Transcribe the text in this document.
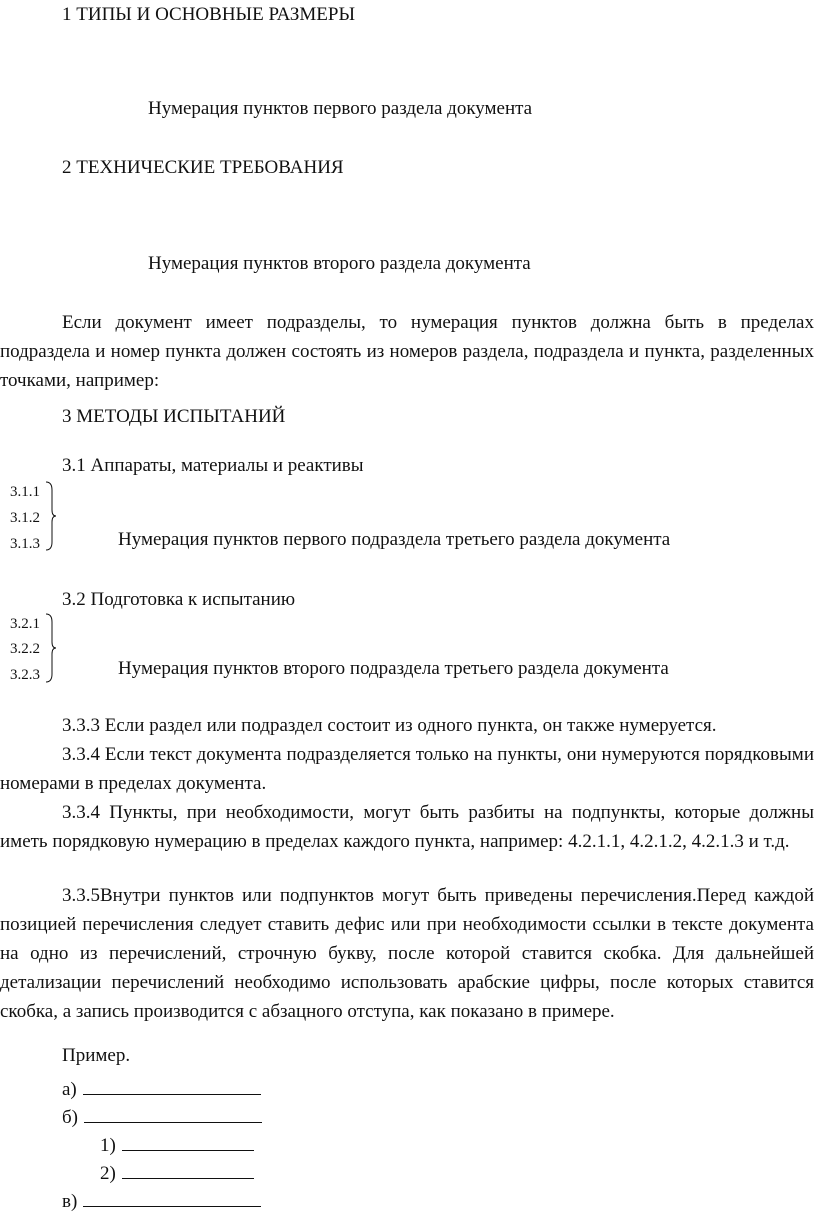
1 ТИПЫ И ОСНОВНЫЕ РАЗМЕРЫ
Нумерация пунктов первого раздела документа
2 ТЕХНИЧЕСКИЕ ТРЕБОВАНИЯ
Нумерация пунктов второго раздела документа
Если документ имеет подразделы, то нумерация пунктов должна быть в пределах подраздела и номер пункта должен состоять из номеров раздела, подраздела и пункта, разделенных точками, например:
3 МЕТОДЫ ИСПЫТАНИЙ
3.1 Аппараты, материалы и реактивы
3.1.1
3.1.2
3.1.3	Нумерация пунктов первого подраздела третьего раздела документа
3.2 Подготовка к испытанию
3.2.1
3.2.2
3.2.3	Нумерация пунктов второго подраздела третьего раздела документа
3.3.3 Если раздел или подраздел состоит из одного пункта, он также нумеруется.
3.3.4 Если текст документа подразделяется только на пункты, они нумеруются порядковыми номерами в пределах документа.
3.3.4 Пункты, при необходимости, могут быть разбиты на подпункты, которые должны иметь порядковую нумерацию в пределах каждого пункта, например: 4.2.1.1, 4.2.1.2, 4.2.1.3 и т.д.
3.3.5Внутри пунктов или подпунктов могут быть приведены перечисления.Перед каждой позицией перечисления следует ставить дефис или при необходимости ссылки в тексте документа на одно из перечислений, строчную букву, после которой ставится скобка. Для дальнейшей детализации перечислений необходимо использовать арабские цифры, после которых ставится скобка, а запись производится с абзацного отступа, как показано в примере.
Пример.
а)
б)
1)
2)
в)
